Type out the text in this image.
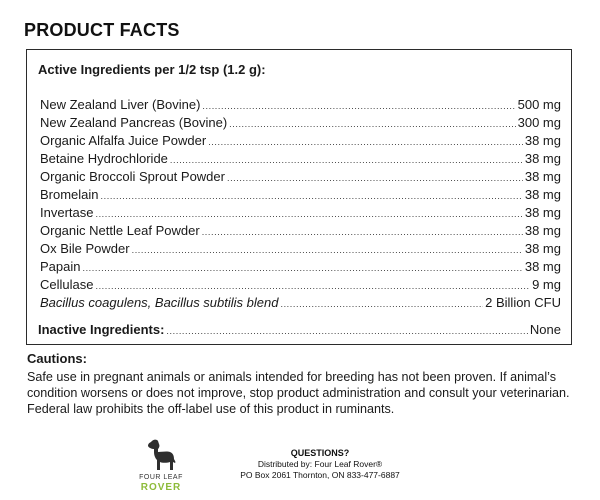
PRODUCT FACTS
Active Ingredients per 1/2 tsp (1.2 g):
New Zealand Liver (Bovine) .....	500 mg
New Zealand Pancreas (Bovine) .....	300 mg
Organic Alfalfa Juice Powder .....	38 mg
Betaine Hydrochloride .....	38 mg
Organic Broccoli Sprout Powder .....	38 mg
Bromelain .....	38 mg
Invertase .....	38 mg
Organic Nettle Leaf Powder .....	38 mg
Ox Bile Powder .....	38 mg
Papain .....	38 mg
Cellulase .....	9 mg
Bacillus coagulens, Bacillus subtilis blend .....	2 Billion CFU
Inactive Ingredients: .....	None
Cautions:
Safe use in pregnant animals or animals intended for breeding has not been proven. If animal’s condition worsens or does not improve, stop product administration and consult your veterinarian. Federal law prohibits the off-label use of this product in ruminants.
FOUR LEAF
ROVER
QUESTIONS?
Distributed by: Four Leaf Rover®
PO Box 2061 Thornton, ON 833-477-6887
